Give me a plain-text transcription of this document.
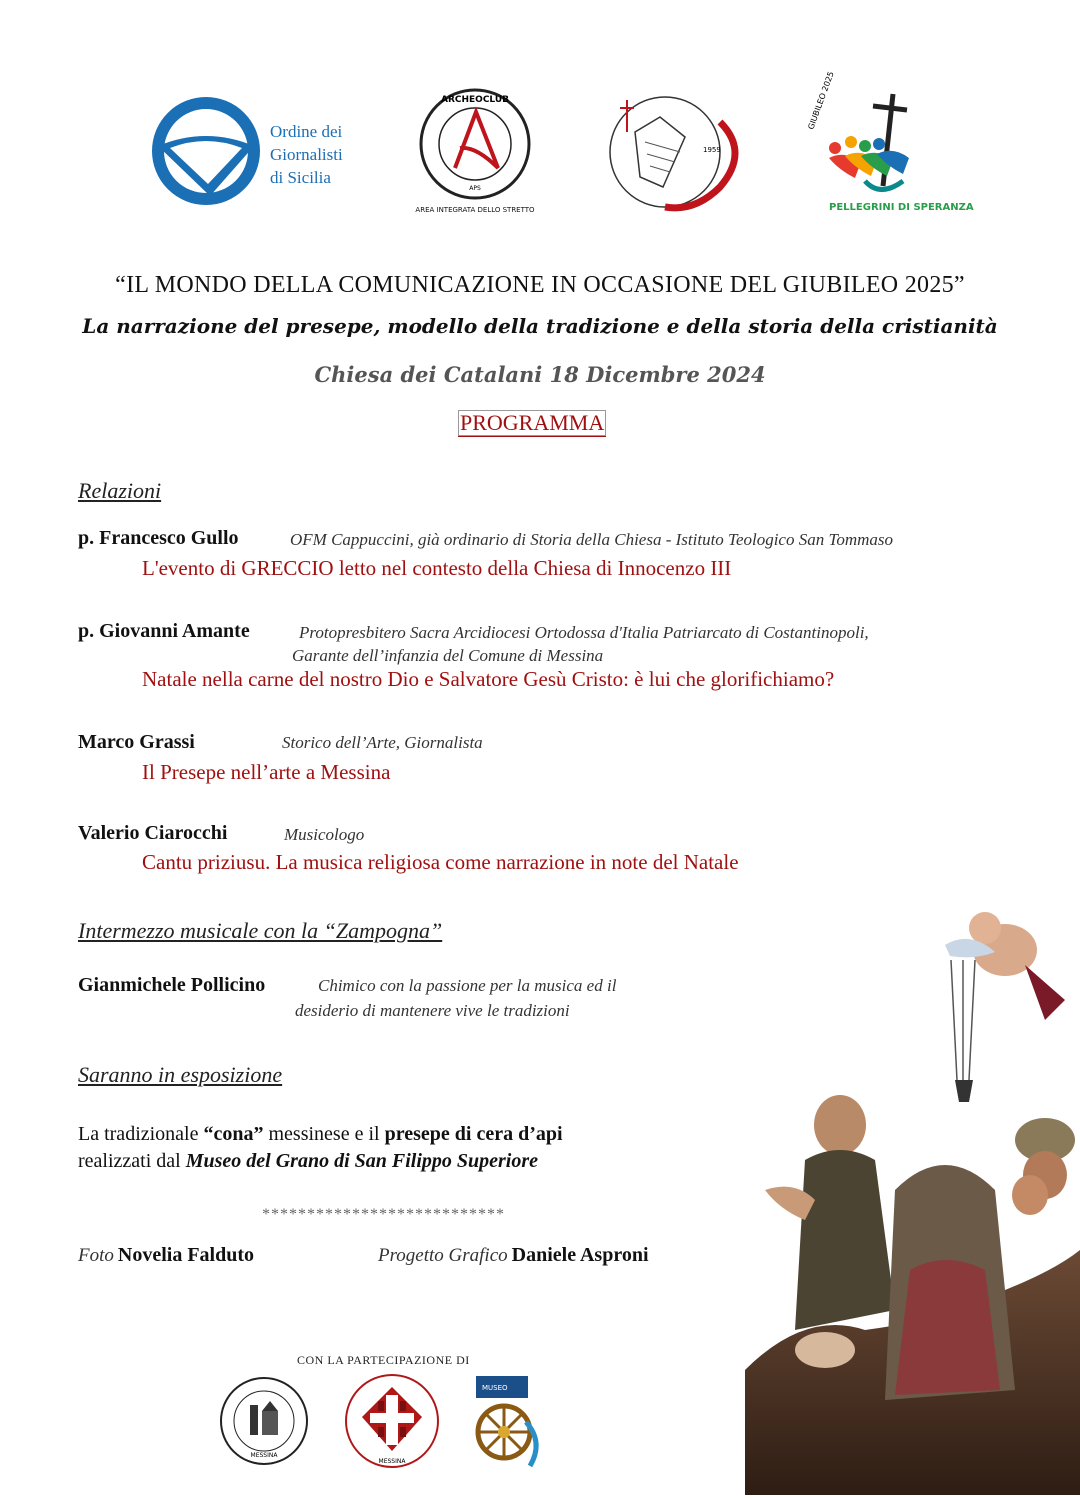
Ordine dei
Giornalisti
di Sicilia
ARCHEOCLUB
APS
AREA INTEGRATA DELLO STRETTO
1959
GIUBILEO 2025
PELLEGRINI DI SPERANZA
“IL MONDO DELLA COMUNICAZIONE IN OCCASIONE DEL GIUBILEO 2025”
La narrazione del presepe, modello della tradizione e della storia della cristianità
Chiesa dei Catalani 18 Dicembre 2024
PROGRAMMA
Relazioni
p. Francesco Gullo	OFM Cappuccini, già ordinario di Storia della Chiesa - Istituto Teologico San Tommaso
L'evento di GRECCIO letto nel contesto della Chiesa di Innocenzo III
p. Giovanni Amante	Protopresbitero Sacra Arcidiocesi Ortodossa d'Italia Patriarcato di Costantinopoli,
Garante dell’infanzia del Comune di Messina
Natale nella carne del nostro Dio e Salvatore Gesù Cristo: è lui che glorifichiamo?
Marco Grassi	Storico dell’Arte, Giornalista
Il Presepe nell’arte a Messina
Valerio Ciarocchi	Musicologo
Cantu priziusu. La musica religiosa come narrazione in note del Natale
Intermezzo musicale con la “Zampogna”
Gianmichele Pollicino	Chimico con la passione per la musica ed il
desiderio di mantenere vive le tradizioni
Saranno in esposizione
La tradizionale “cona” messinese e il presepe di cera d’api
realizzati dal Museo del Grano di San Filippo Superiore
***************************
Foto Novelia Falduto	Progetto Grafico Daniele Asproni
CON LA PARTECIPAZIONE DI
MESSINA
MESSINA
MUSEO
